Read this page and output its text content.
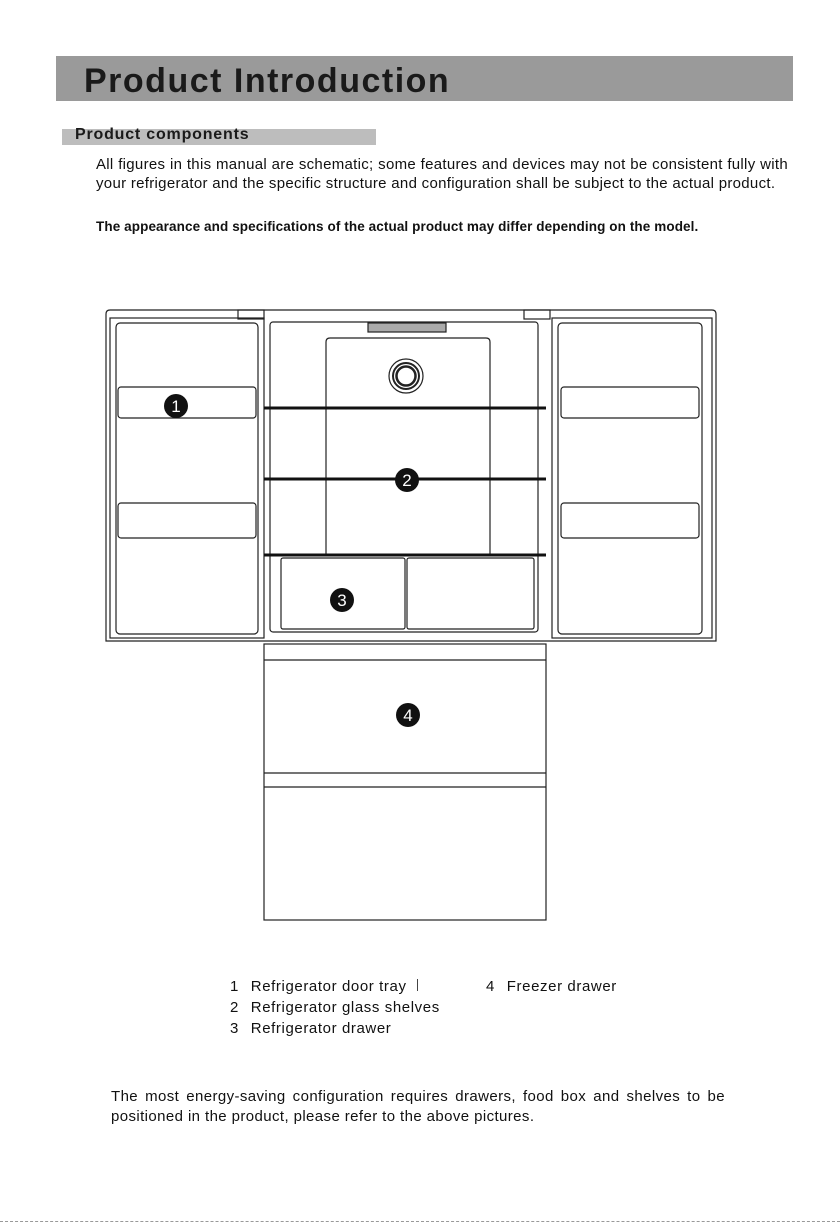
Product Introduction
Product components
All figures in this manual are schematic; some features and devices may not be consistent fully with your refrigerator and the specific structure and configuration shall be subject to the actual product.
The appearance and specifications of the actual product may differ depending on the model.
1
2
3
4
1 Refrigerator door tray
2 Refrigerator glass shelves
3 Refrigerator drawer
4 Freezer drawer
The most energy-saving configuration requires drawers, food box and shelves to be positioned in the product, please refer to the above pictures.
